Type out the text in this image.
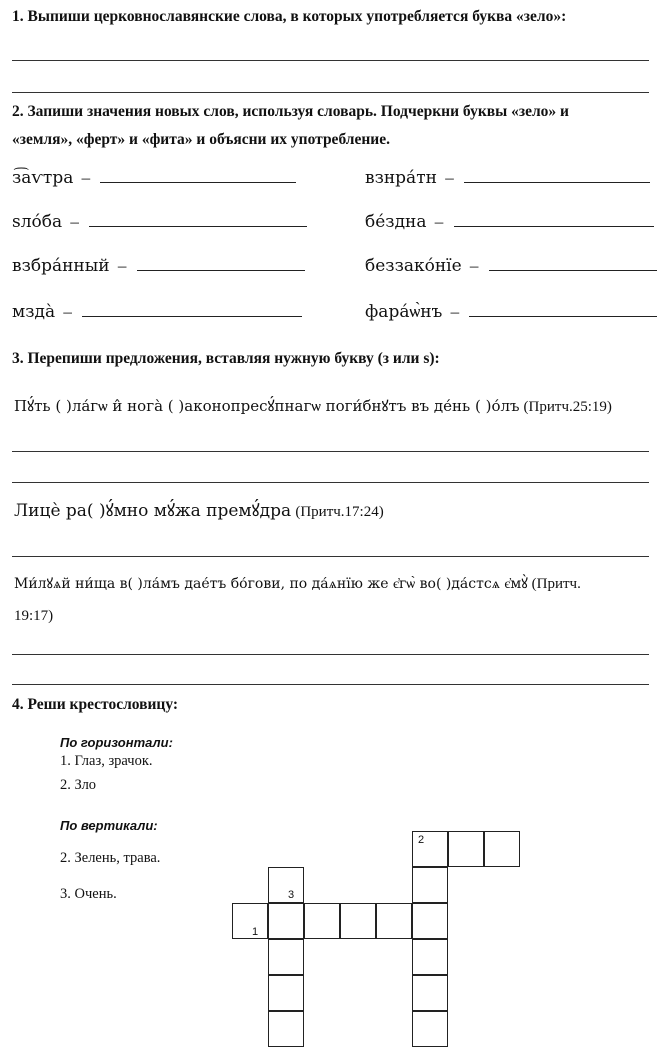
1. Выпиши церковнославянские слова, в которых употребляется буква «зело»:
2. Запиши значения новых слов, используя словарь. Подчеркни буквы «зело» и
«земля», «ферт» и «фита» и объясни их употребление.
з͡аѵтра –	взнра́тн –
ѕло́ба –	бе́здна –
взбра́нный –	беззако́нїе –
мзда̀ –	фара́ѡ̀нъ –
3. Перепиши предложения, вставляя нужную букву (з или ѕ):
Пꙋ́ть ( )ла́гѡ и̂ нога̀ ( )аконопресꙋ́пнагѡ поги́бнꙋтъ въ де́нь ( )о́лъ (Притч.25:19)
Лицѐ ра( )ꙋ́мно мꙋ́жа премꙋ́дра (Притч.17:24)
Ми́лꙋѧй ни́ща в( )ла́мъ дае́тъ бо́гови, по да́ѧнїю же є҆гѡ̀ во( )да́стсѧ є҆мꙋ̀ (Притч.
19:17)
4. Реши крестословицу:
По горизонтали:
1. Глаз, зрачок.
2. Зло
По вертикали:
2. Зелень, трава.
3. Очень.
2
3
1
